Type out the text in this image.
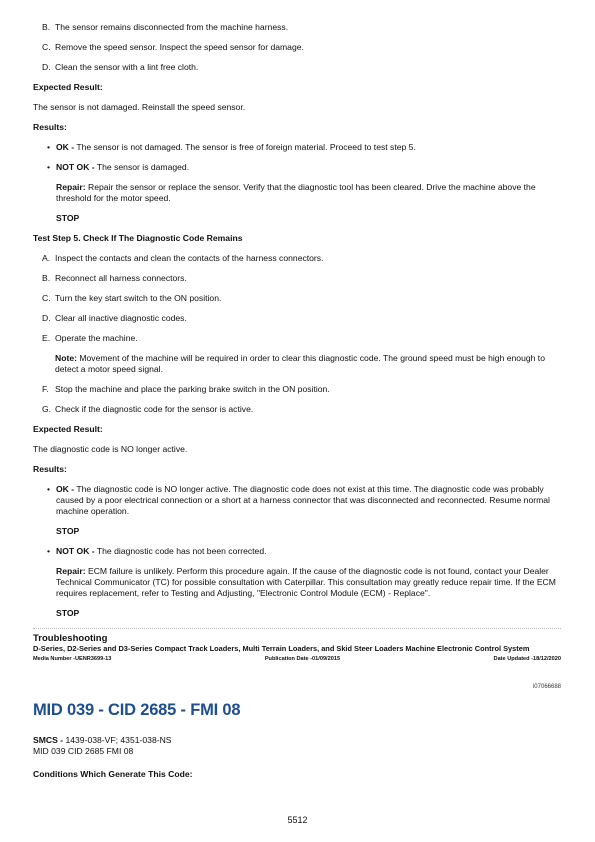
B. The sensor remains disconnected from the machine harness.
C. Remove the speed sensor. Inspect the speed sensor for damage.
D. Clean the sensor with a lint free cloth.
Expected Result:
The sensor is not damaged. Reinstall the speed sensor.
Results:
• OK - The sensor is not damaged. The sensor is free of foreign material. Proceed to test step 5.
• NOT OK - The sensor is damaged.
Repair: Repair the sensor or replace the sensor. Verify that the diagnostic tool has been cleared. Drive the machine above the threshold for the motor speed.
STOP
Test Step 5. Check If The Diagnostic Code Remains
A. Inspect the contacts and clean the contacts of the harness connectors.
B. Reconnect all harness connectors.
C. Turn the key start switch to the ON position.
D. Clear all inactive diagnostic codes.
E. Operate the machine.
Note: Movement of the machine will be required in order to clear this diagnostic code. The ground speed must be high enough to detect a motor speed signal.
F. Stop the machine and place the parking brake switch in the ON position.
G. Check if the diagnostic code for the sensor is active.
Expected Result:
The diagnostic code is NO longer active.
Results:
• OK - The diagnostic code is NO longer active. The diagnostic code does not exist at this time. The diagnostic code was probably caused by a poor electrical connection or a short at a harness connector that was disconnected and reconnected. Resume normal machine operation.
STOP
• NOT OK - The diagnostic code has not been corrected.
Repair: ECM failure is unlikely. Perform this procedure again. If the cause of the diagnostic code is not found, contact your Dealer Technical Communicator (TC) for possible consultation with Caterpillar. This consultation may greatly reduce repair time. If the ECM requires replacement, refer to Testing and Adjusting, "Electronic Control Module (ECM) - Replace".
STOP
Troubleshooting
D-Series, D2-Series and D3-Series Compact Track Loaders, Multi Terrain Loaders, and Skid Steer Loaders Machine Electronic Control System
Media Number -UENR3699-13	Publication Date -01/09/2015	Date Updated -18/12/2020
i07066688
MID 039 - CID 2685 - FMI 08
SMCS - 1439-038-VF; 4351-038-NS
MID 039 CID 2685 FMI 08
Conditions Which Generate This Code:
5512
